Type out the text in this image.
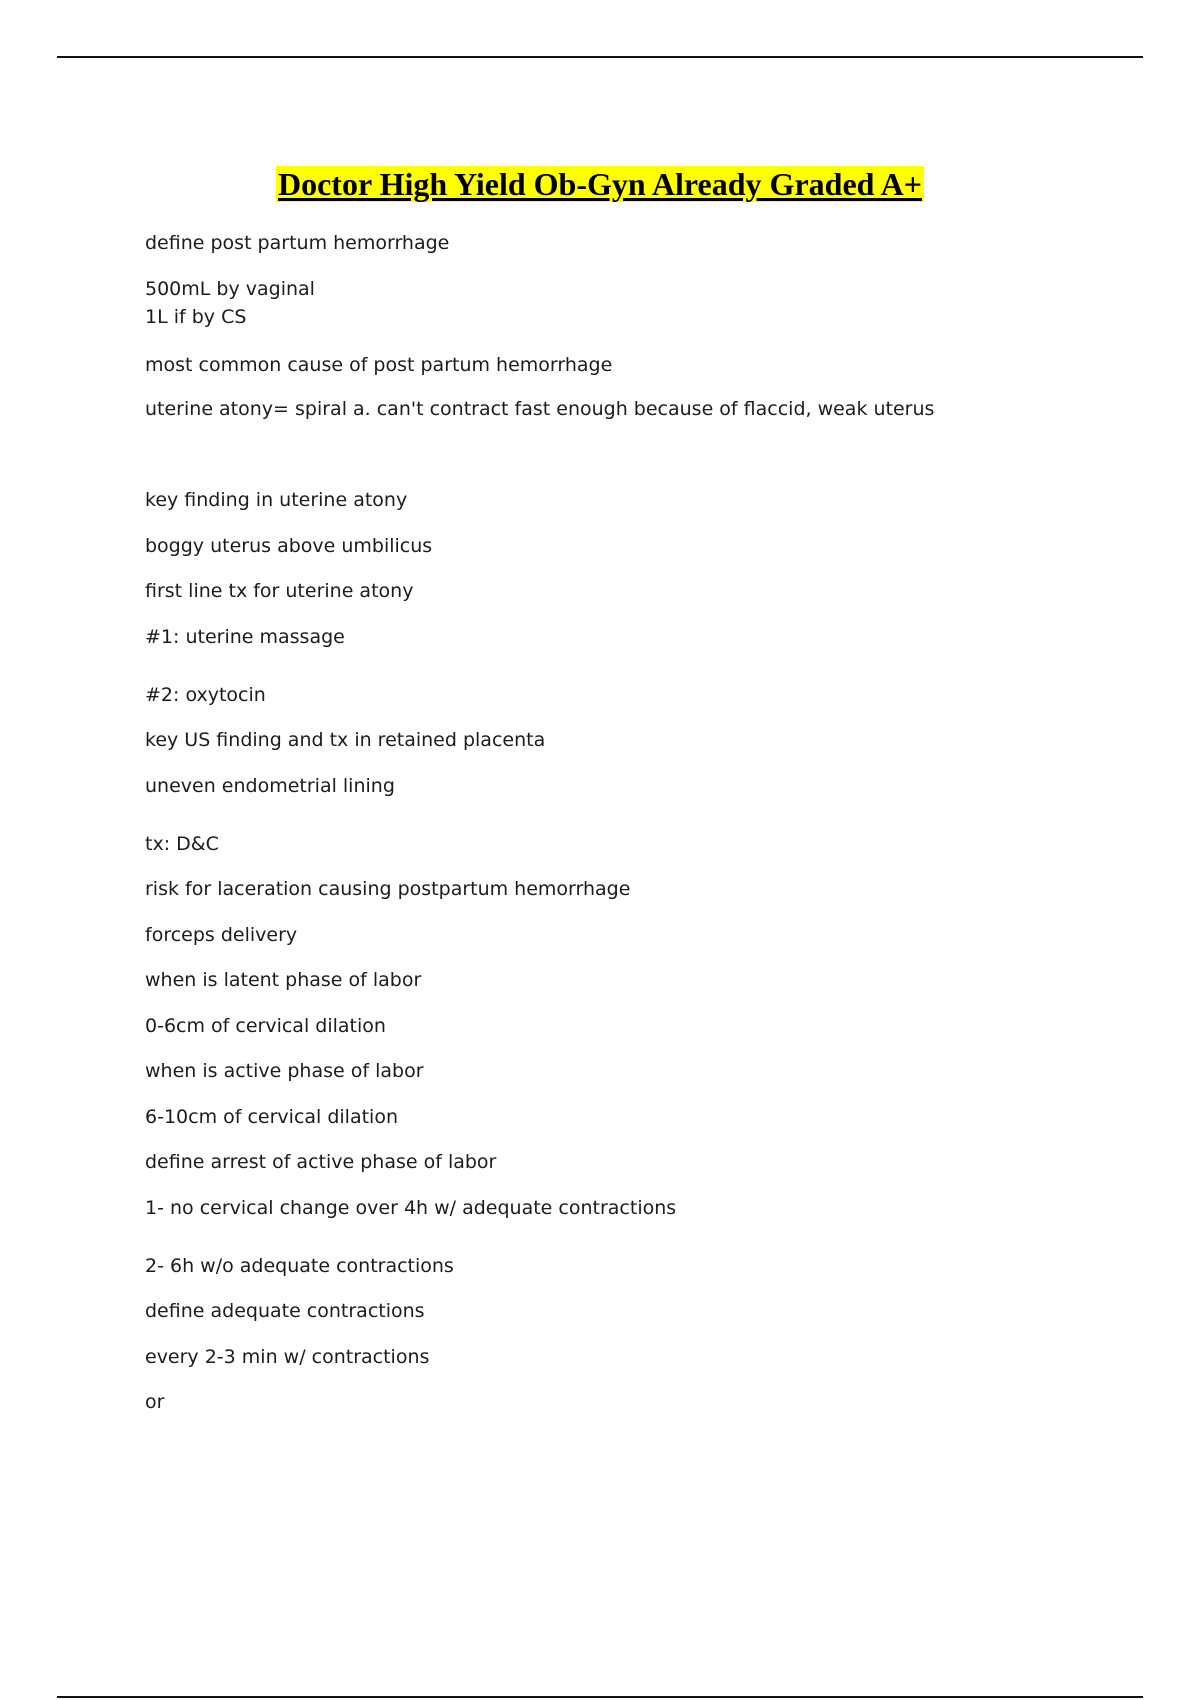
Doctor High Yield Ob-Gyn Already Graded A+
define post partum hemorrhage
500mL by vaginal
1L if by CS
most common cause of post partum hemorrhage
uterine atony= spiral a. can't contract fast enough because of flaccid, weak uterus
key finding in uterine atony
boggy uterus above umbilicus
first line tx for uterine atony
#1: uterine massage
#2: oxytocin
key US finding and tx in retained placenta
uneven endometrial lining
tx: D&C
risk for laceration causing postpartum hemorrhage
forceps delivery
when is latent phase of labor
0-6cm of cervical dilation
when is active phase of labor
6-10cm of cervical dilation
define arrest of active phase of labor
1- no cervical change over 4h w/ adequate contractions
2- 6h w/o adequate contractions
define adequate contractions
every 2-3 min w/ contractions
or
